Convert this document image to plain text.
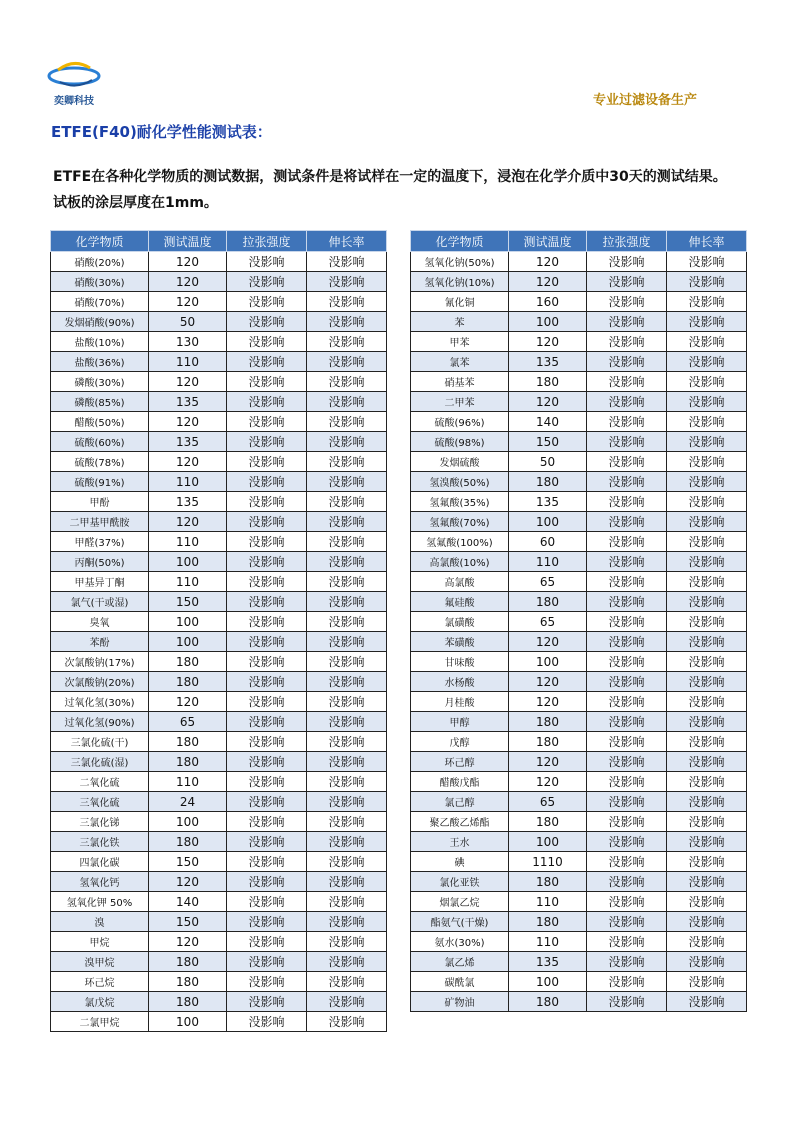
奕卿科技	专业过滤设备生产
ETFE(F40)耐化学性能测试表：
ETFE在各种化学物质的测试数据，测试条件是将试样在一定的温度下，浸泡在化学介质中30天的测试结果。试板的涂层厚度在1mm。
化学物质	测试温度	拉张强度	伸长率
硝酸(20%)	120	没影响	没影响
硝酸(30%)	120	没影响	没影响
硝酸(70%)	120	没影响	没影响
发烟硝酸(90%)	50	没影响	没影响
盐酸(10%)	130	没影响	没影响
盐酸(36%)	110	没影响	没影响
磷酸(30%)	120	没影响	没影响
磷酸(85%)	135	没影响	没影响
醋酸(50%)	120	没影响	没影响
硫酸(60%)	135	没影响	没影响
硫酸(78%)	120	没影响	没影响
硫酸(91%)	110	没影响	没影响
甲酚	135	没影响	没影响
二甲基甲酰胺	120	没影响	没影响
甲醛(37%)	110	没影响	没影响
丙酮(50%)	100	没影响	没影响
甲基异丁酮	110	没影响	没影响
氯气(干或湿)	150	没影响	没影响
臭氧	100	没影响	没影响
苯酚	100	没影响	没影响
次氯酸钠(17%)	180	没影响	没影响
次氯酸钠(20%)	180	没影响	没影响
过氧化氢(30%)	120	没影响	没影响
过氧化氢(90%)	65	没影响	没影响
三氯化硫(干)	180	没影响	没影响
三氯化硫(湿)	180	没影响	没影响
二氧化硫	110	没影响	没影响
三氧化硫	24	没影响	没影响
三氯化锑	100	没影响	没影响
三氯化铁	180	没影响	没影响
四氯化碳	150	没影响	没影响
氢氧化钙	120	没影响	没影响
氢氧化钾 50%	140	没影响	没影响
溴	150	没影响	没影响
甲烷	120	没影响	没影响
溴甲烷	180	没影响	没影响
环己烷	180	没影响	没影响
氯戊烷	180	没影响	没影响
二氯甲烷	100	没影响	没影响
化学物质	测试温度	拉张强度	伸长率
氢氧化钠(50%)	120	没影响	没影响
氢氧化钠(10%)	120	没影响	没影响
氰化铜	160	没影响	没影响
苯	100	没影响	没影响
甲苯	120	没影响	没影响
氯苯	135	没影响	没影响
硝基苯	180	没影响	没影响
二甲苯	120	没影响	没影响
硫酸(96%)	140	没影响	没影响
硫酸(98%)	150	没影响	没影响
发烟硫酸	50	没影响	没影响
氢溴酸(50%)	180	没影响	没影响
氢氟酸(35%)	135	没影响	没影响
氢氟酸(70%)	100	没影响	没影响
氢氟酸(100%)	60	没影响	没影响
高氯酸(10%)	110	没影响	没影响
高氯酸	65	没影响	没影响
氟硅酸	180	没影响	没影响
氯磺酸	65	没影响	没影响
苯磺酸	120	没影响	没影响
甘味酸	100	没影响	没影响
水杨酸	120	没影响	没影响
月桂酸	120	没影响	没影响
甲醇	180	没影响	没影响
戊醇	180	没影响	没影响
环己醇	120	没影响	没影响
醋酸戊酯	120	没影响	没影响
氯己醇	65	没影响	没影响
聚乙酸乙烯酯	180	没影响	没影响
王水	100	没影响	没影响
碘	1110	没影响	没影响
氯化亚铁	180	没影响	没影响
烟氯乙烷	110	没影响	没影响
酯氨气(干燥)	180	没影响	没影响
氨水(30%)	110	没影响	没影响
氯乙烯	135	没影响	没影响
碳酰氯	100	没影响	没影响
矿物油	180	没影响	没影响
